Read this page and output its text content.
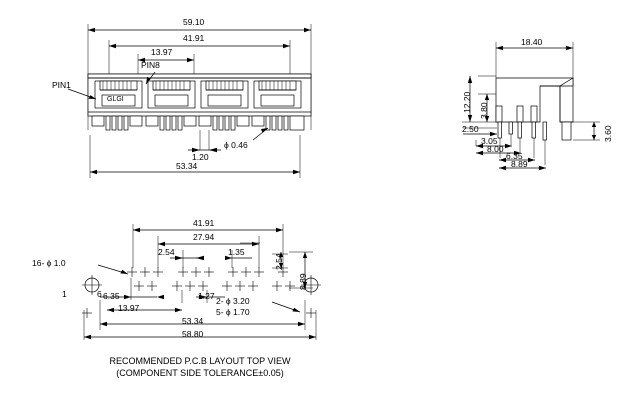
59.10
41.91
13.97
1.20
ϕ 0.46
53.34
PIN1
PIN8
GLGI
18.40
12.20 3.80
2.50
3.05
8.00
6.35
8.89
3.60
41.91
27.94
2.54	1.35
2.54
8.89
6.35	1.27
13.97
53.34
58.80
16- ϕ 1.0
2- ϕ 3.20
5- ϕ 1.70
1	6
RECOMMENDED P.C.B LAYOUT TOP VIEW
(COMPONENT SIDE TOLERANCE±0.05)
